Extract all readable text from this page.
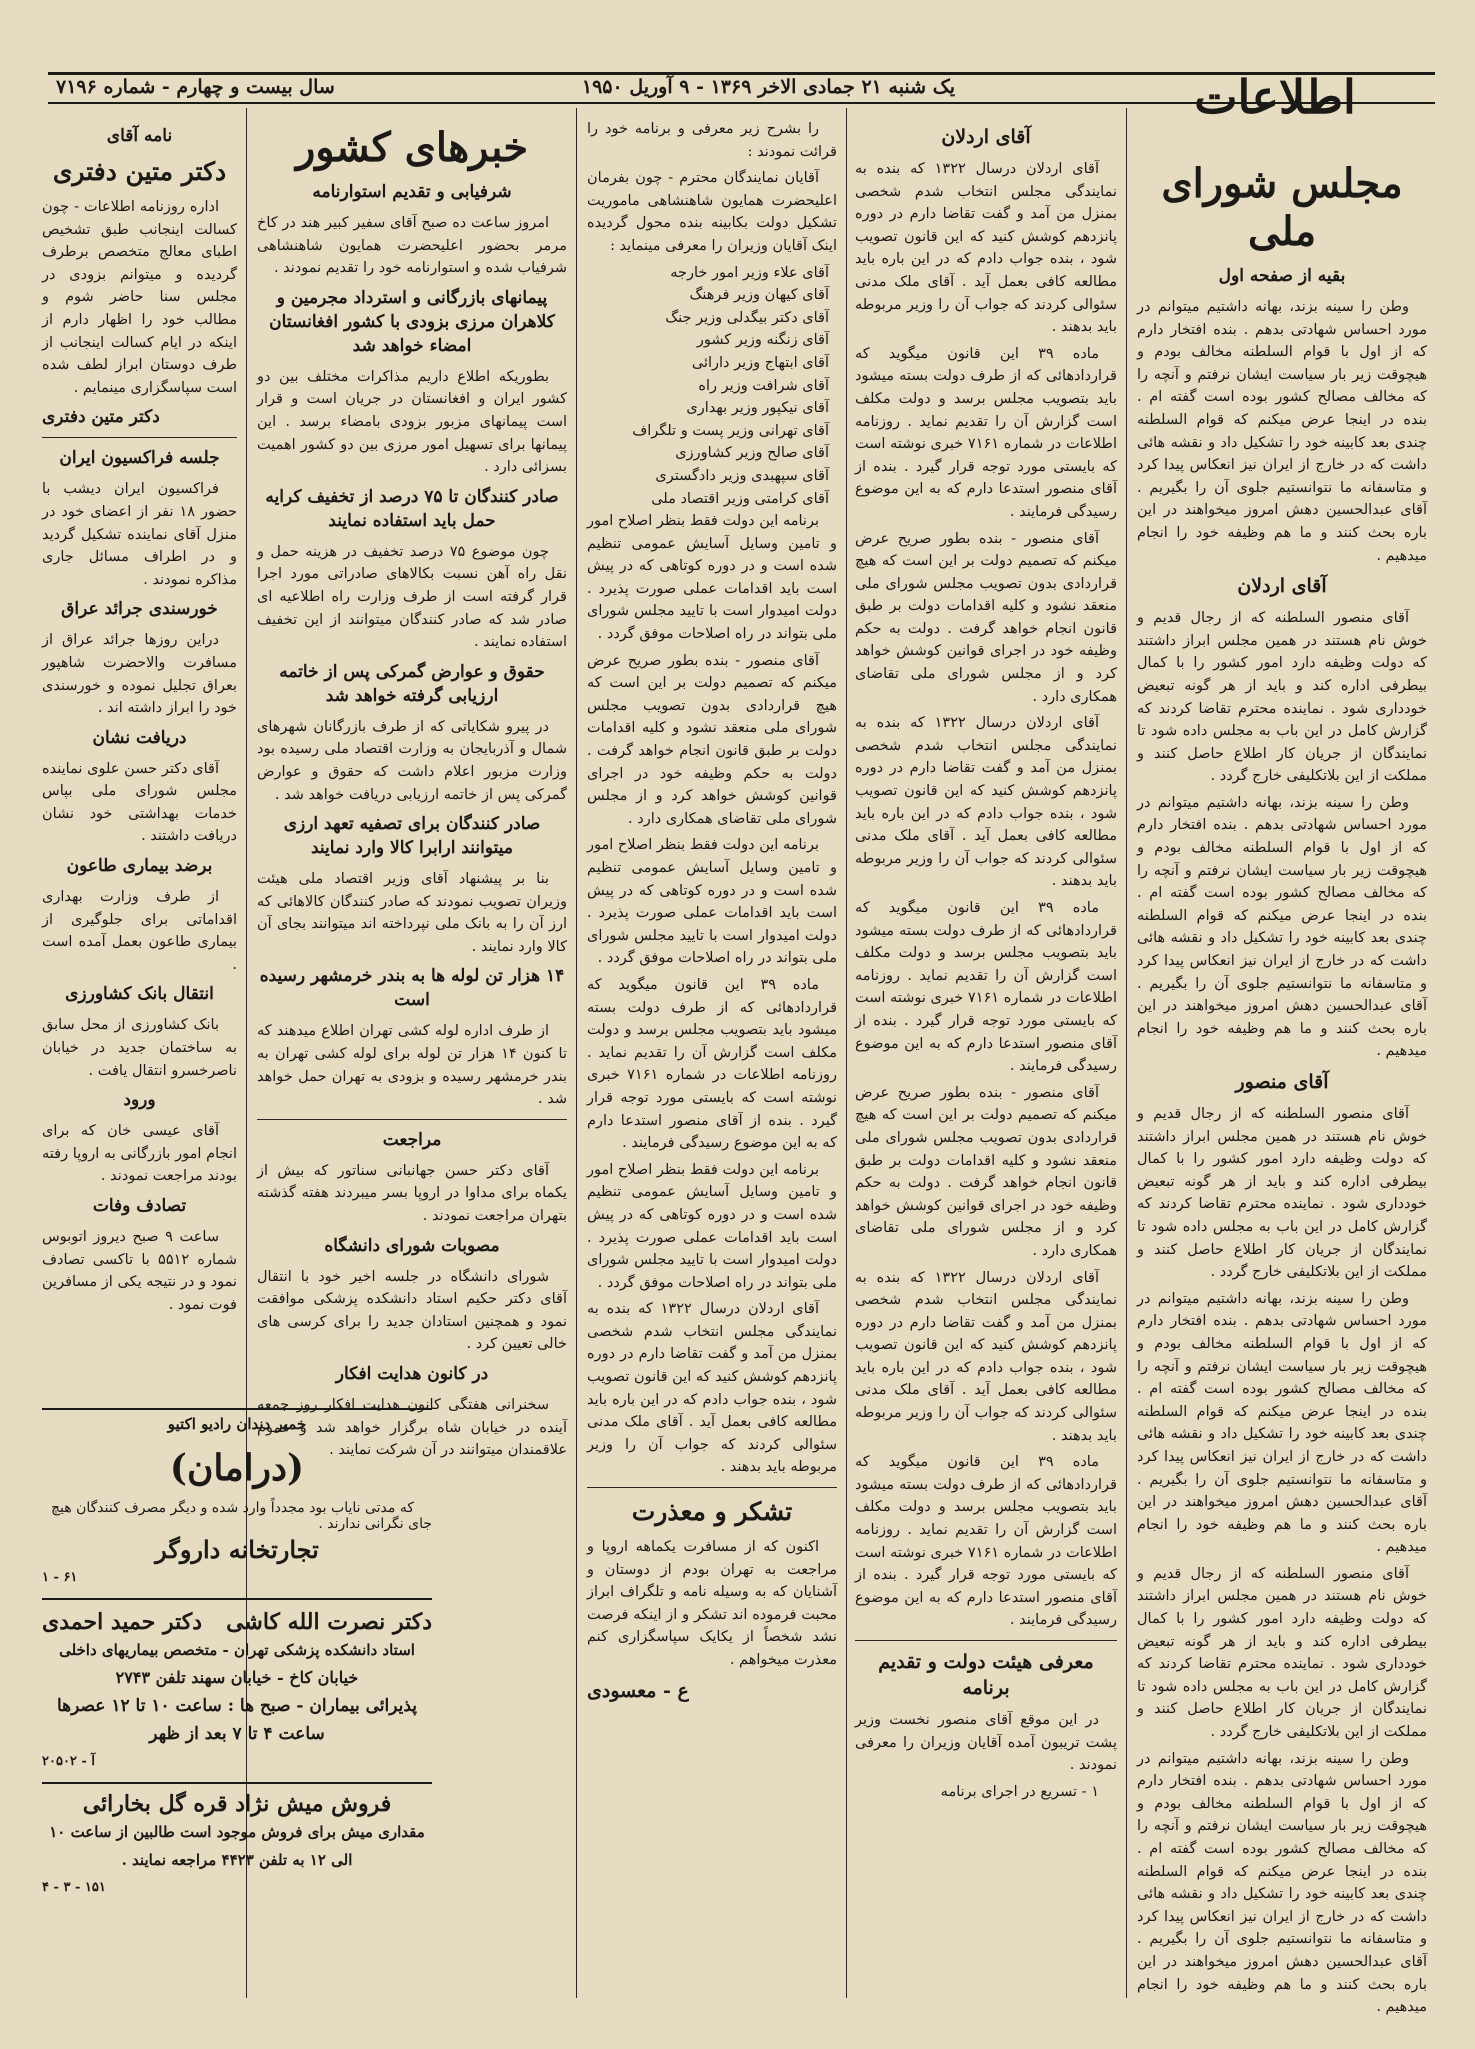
یک شنبه ۲۱ جمادی الاخر ۱۳۶۹ - ۹ آوریل ۱۹۵۰
سال بیست و چهارم - شماره ۷۱۹۶	اطلاعات
مجلس شورای ملی
بقیه از صفحه اول

وطن را سینه بزند، بهانه داشتیم میتوانم در مورد احساس شهادتی بدهم . بنده افتخار دارم که از اول با قوام السلطنه مخالف بودم و هیچوقت زیر بار سیاست ایشان نرفتم و آنچه را که مخالف مصالح کشور بوده است گفته ام . بنده در اینجا عرض میکنم که قوام السلطنه چندی بعد کابینه خود را تشکیل داد و نقشه هائی داشت که در خارج از ایران نیز انعکاس پیدا کرد و متاسفانه ما نتوانستیم جلوی آن را بگیریم . آقای عبدالحسین دهش امروز میخواهند در این باره بحث کنند و ما هم وظیفه خود را انجام میدهیم .

آقای اردلان

آقای منصور السلطنه که از رجال قدیم و خوش نام هستند در همین مجلس ابراز داشتند که دولت وظیفه دارد امور کشور را با کمال بیطرفی اداره کند و باید از هر گونه تبعیض خودداری شود . نماینده محترم تقاضا کردند که گزارش کامل در این باب به مجلس داده شود تا نمایندگان از جریان کار اطلاع حاصل کنند و مملکت از این بلاتکلیفی خارج گردد .

وطن را سینه بزند، بهانه داشتیم میتوانم در مورد احساس شهادتی بدهم . بنده افتخار دارم که از اول با قوام السلطنه مخالف بودم و هیچوقت زیر بار سیاست ایشان نرفتم و آنچه را که مخالف مصالح کشور بوده است گفته ام . بنده در اینجا عرض میکنم که قوام السلطنه چندی بعد کابینه خود را تشکیل داد و نقشه هائی داشت که در خارج از ایران نیز انعکاس پیدا کرد و متاسفانه ما نتوانستیم جلوی آن را بگیریم . آقای عبدالحسین دهش امروز میخواهند در این باره بحث کنند و ما هم وظیفه خود را انجام میدهیم .

آقای منصور

آقای منصور السلطنه که از رجال قدیم و خوش نام هستند در همین مجلس ابراز داشتند که دولت وظیفه دارد امور کشور را با کمال بیطرفی اداره کند و باید از هر گونه تبعیض خودداری شود . نماینده محترم تقاضا کردند که گزارش کامل در این باب به مجلس داده شود تا نمایندگان از جریان کار اطلاع حاصل کنند و مملکت از این بلاتکلیفی خارج گردد .

وطن را سینه بزند، بهانه داشتیم میتوانم در مورد احساس شهادتی بدهم . بنده افتخار دارم که از اول با قوام السلطنه مخالف بودم و هیچوقت زیر بار سیاست ایشان نرفتم و آنچه را که مخالف مصالح کشور بوده است گفته ام . بنده در اینجا عرض میکنم که قوام السلطنه چندی بعد کابینه خود را تشکیل داد و نقشه هائی داشت که در خارج از ایران نیز انعکاس پیدا کرد و متاسفانه ما نتوانستیم جلوی آن را بگیریم . آقای عبدالحسین دهش امروز میخواهند در این باره بحث کنند و ما هم وظیفه خود را انجام میدهیم .

آقای منصور السلطنه که از رجال قدیم و خوش نام هستند در همین مجلس ابراز داشتند که دولت وظیفه دارد امور کشور را با کمال بیطرفی اداره کند و باید از هر گونه تبعیض خودداری شود . نماینده محترم تقاضا کردند که گزارش کامل در این باب به مجلس داده شود تا نمایندگان از جریان کار اطلاع حاصل کنند و مملکت از این بلاتکلیفی خارج گردد .

وطن را سینه بزند، بهانه داشتیم میتوانم در مورد احساس شهادتی بدهم . بنده افتخار دارم که از اول با قوام السلطنه مخالف بودم و هیچوقت زیر بار سیاست ایشان نرفتم و آنچه را که مخالف مصالح کشور بوده است گفته ام . بنده در اینجا عرض میکنم که قوام السلطنه چندی بعد کابینه خود را تشکیل داد و نقشه هائی داشت که در خارج از ایران نیز انعکاس پیدا کرد و متاسفانه ما نتوانستیم جلوی آن را بگیریم . آقای عبدالحسین دهش امروز میخواهند در این باره بحث کنند و ما هم وظیفه خود را انجام میدهیم .

آقای اردلان

آقای اردلان درسال ۱۳۲۲ که بنده به نمایندگی مجلس انتخاب شدم شخصی بمنزل من آمد و گفت تقاضا دارم در دوره پانزدهم کوشش کنید که این قانون تصویب شود ، بنده جواب دادم که در این باره باید مطالعه کافی بعمل آید . آقای ملک مدنی سئوالی کردند که جواب آن را وزیر مربوطه باید بدهند .

ماده ۳۹ این قانون میگوید که قراردادهائی که از طرف دولت بسته میشود باید بتصویب مجلس برسد و دولت مکلف است گزارش آن را تقدیم نماید . روزنامه اطلاعات در شماره ۷۱۶۱ خبری نوشته است که بایستی مورد توجه قرار گیرد . بنده از آقای منصور استدعا دارم که به این موضوع رسیدگی فرمایند .

آقای منصور - بنده بطور صریح عرض میکنم که تصمیم دولت بر این است که هیچ قراردادی بدون تصویب مجلس شورای ملی منعقد نشود و کلیه اقدامات دولت بر طبق قانون انجام خواهد گرفت . دولت به حکم وظیفه خود در اجرای قوانین کوشش خواهد کرد و از مجلس شورای ملی تقاضای همکاری دارد .

آقای اردلان درسال ۱۳۲۲ که بنده به نمایندگی مجلس انتخاب شدم شخصی بمنزل من آمد و گفت تقاضا دارم در دوره پانزدهم کوشش کنید که این قانون تصویب شود ، بنده جواب دادم که در این باره باید مطالعه کافی بعمل آید . آقای ملک مدنی سئوالی کردند که جواب آن را وزیر مربوطه باید بدهند .

ماده ۳۹ این قانون میگوید که قراردادهائی که از طرف دولت بسته میشود باید بتصویب مجلس برسد و دولت مکلف است گزارش آن را تقدیم نماید . روزنامه اطلاعات در شماره ۷۱۶۱ خبری نوشته است که بایستی مورد توجه قرار گیرد . بنده از آقای منصور استدعا دارم که به این موضوع رسیدگی فرمایند .

آقای منصور - بنده بطور صریح عرض میکنم که تصمیم دولت بر این است که هیچ قراردادی بدون تصویب مجلس شورای ملی منعقد نشود و کلیه اقدامات دولت بر طبق قانون انجام خواهد گرفت . دولت به حکم وظیفه خود در اجرای قوانین کوشش خواهد کرد و از مجلس شورای ملی تقاضای همکاری دارد .

آقای اردلان درسال ۱۳۲۲ که بنده به نمایندگی مجلس انتخاب شدم شخصی بمنزل من آمد و گفت تقاضا دارم در دوره پانزدهم کوشش کنید که این قانون تصویب شود ، بنده جواب دادم که در این باره باید مطالعه کافی بعمل آید . آقای ملک مدنی سئوالی کردند که جواب آن را وزیر مربوطه باید بدهند .

ماده ۳۹ این قانون میگوید که قراردادهائی که از طرف دولت بسته میشود باید بتصویب مجلس برسد و دولت مکلف است گزارش آن را تقدیم نماید . روزنامه اطلاعات در شماره ۷۱۶۱ خبری نوشته است که بایستی مورد توجه قرار گیرد . بنده از آقای منصور استدعا دارم که به این موضوع رسیدگی فرمایند .

معرفی هیئت دولت و تقدیم برنامه

در این موقع آقای منصور نخست وزیر پشت تریبون آمده آقایان وزیران را معرفی نمودند .

۱ - تسریع در اجرای برنامه

را بشرح زیر معرفی و برنامه خود را قرائت نمودند :

آقایان نمایندگان محترم - چون بفرمان اعلیحضرت همایون شاهنشاهی ماموریت تشکیل دولت بکابینه بنده محول گردیده اینک آقایان وزیران را معرفی مینماید :

آقای علاء وزیر امور خارجه
آقای کیهان وزیر فرهنگ
آقای دکتر بیگدلی وزیر جنگ
آقای زنگنه وزیر کشور
آقای ابتهاج وزیر دارائی
آقای شرافت وزیر راه
آقای نیکپور وزیر بهداری
آقای تهرانی وزیر پست و تلگراف
آقای صالح وزیر کشاورزی
آقای سپهبدی وزیر دادگستری
آقای کرامتی وزیر اقتصاد ملی

برنامه این دولت فقط بنظر اصلاح امور و تامین وسایل آسایش عمومی تنظیم شده است و در دوره کوتاهی که در پیش است باید اقدامات عملی صورت پذیرد . دولت امیدوار است با تایید مجلس شورای ملی بتواند در راه اصلاحات موفق گردد .

آقای منصور - بنده بطور صریح عرض میکنم که تصمیم دولت بر این است که هیچ قراردادی بدون تصویب مجلس شورای ملی منعقد نشود و کلیه اقدامات دولت بر طبق قانون انجام خواهد گرفت . دولت به حکم وظیفه خود در اجرای قوانین کوشش خواهد کرد و از مجلس شورای ملی تقاضای همکاری دارد .

برنامه این دولت فقط بنظر اصلاح امور و تامین وسایل آسایش عمومی تنظیم شده است و در دوره کوتاهی که در پیش است باید اقدامات عملی صورت پذیرد . دولت امیدوار است با تایید مجلس شورای ملی بتواند در راه اصلاحات موفق گردد .

ماده ۳۹ این قانون میگوید که قراردادهائی که از طرف دولت بسته میشود باید بتصویب مجلس برسد و دولت مکلف است گزارش آن را تقدیم نماید . روزنامه اطلاعات در شماره ۷۱۶۱ خبری نوشته است که بایستی مورد توجه قرار گیرد . بنده از آقای منصور استدعا دارم که به این موضوع رسیدگی فرمایند .

برنامه این دولت فقط بنظر اصلاح امور و تامین وسایل آسایش عمومی تنظیم شده است و در دوره کوتاهی که در پیش است باید اقدامات عملی صورت پذیرد . دولت امیدوار است با تایید مجلس شورای ملی بتواند در راه اصلاحات موفق گردد .

آقای اردلان درسال ۱۳۲۲ که بنده به نمایندگی مجلس انتخاب شدم شخصی بمنزل من آمد و گفت تقاضا دارم در دوره پانزدهم کوشش کنید که این قانون تصویب شود ، بنده جواب دادم که در این باره باید مطالعه کافی بعمل آید . آقای ملک مدنی سئوالی کردند که جواب آن را وزیر مربوطه باید بدهند .

تشکر و معذرت

اکنون که از مسافرت یکماهه اروپا و مراجعت به تهران بودم از دوستان و آشنایان که به وسیله نامه و تلگراف ابراز محبت فرموده اند تشکر و از اینکه فرصت نشد شخصاً از یکایک سپاسگزاری کنم معذرت میخواهم .

ع - معسودی
خبرهای کشور
شرفیابی و تقدیم استوارنامه

امروز ساعت ده صبح آقای سفیر کبیر هند در کاخ مرمر بحضور اعلیحضرت همایون شاهنشاهی شرفیاب شده و استوارنامه خود را تقدیم نمودند .

پیمانهای بازرگانی و استرداد مجرمین و کلاهران مرزی بزودی با کشور افغانستان امضاء خواهد شد

بطوریکه اطلاع داریم مذاکرات مختلف بین دو کشور ایران و افغانستان در جریان است و قرار است پیمانهای مزبور بزودی بامضاء برسد . این پیمانها برای تسهیل امور مرزی بین دو کشور اهمیت بسزائی دارد .

صادر کنندگان تا ۷۵ درصد از تخفیف کرایه حمل باید استفاده نمایند

چون موضوع ۷۵ درصد تخفیف در هزینه حمل و نقل راه آهن نسبت بکالاهای صادراتی مورد اجرا قرار گرفته است از طرف وزارت راه اطلاعیه ای صادر شد که صادر کنندگان میتوانند از این تخفیف استفاده نمایند .

حقوق و عوارض گمرکی پس از خاتمه ارزیابی گرفته خواهد شد

در پیرو شکایاتی که از طرف بازرگانان شهرهای شمال و آذربایجان به وزارت اقتصاد ملی رسیده بود وزارت مزبور اعلام داشت که حقوق و عوارض گمرکی پس از خاتمه ارزیابی دریافت خواهد شد .

صادر کنندگان برای تصفیه تعهد ارزی میتوانند ارابرا کالا وارد نمایند

بنا بر پیشنهاد آقای وزیر اقتصاد ملی هیئت وزیران تصویب نمودند که صادر کنندگان کالاهائی که ارز آن را به بانک ملی نپرداخته اند میتوانند بجای آن کالا وارد نمایند .

۱۴ هزار تن لوله ها به بندر خرمشهر رسیده است

از طرف اداره لوله کشی تهران اطلاع میدهند که تا کنون ۱۴ هزار تن لوله برای لوله کشی تهران به بندر خرمشهر رسیده و بزودی به تهران حمل خواهد شد .

مراجعت

آقای دکتر حسن جهانبانی سناتور که بیش از یکماه برای مداوا در اروپا بسر میبردند هفته گذشته بتهران مراجعت نمودند .

مصوبات شورای دانشگاه

شورای دانشگاه در جلسه اخیر خود با انتقال آقای دکتر حکیم استاد دانشکده پزشکی موافقت نمود و همچنین استادان جدید را برای کرسی های خالی تعیین کرد .

در کانون هدایت افکار

سخنرانی هفتگی کانون هدایت افکار روز جمعه آینده در خیابان شاه برگزار خواهد شد و عموم علاقمندان میتوانند در آن شرکت نمایند .

نامه آقای
دکتر متین دفتری

اداره روزنامه اطلاعات - چون کسالت اینجانب طبق تشخیص اطبای معالج متخصص برطرف گردیده و میتوانم بزودی در مجلس سنا حاضر شوم و مطالب خود را اظهار دارم از اینکه در ایام کسالت اینجانب از طرف دوستان ابراز لطف شده است سپاسگزاری مینمایم .

دکتر متین دفتری
جلسه فراکسیون ایران

فراکسیون ایران دیشب با حضور ۱۸ نفر از اعضای خود در منزل آقای نماینده تشکیل گردید و در اطراف مسائل جاری مذاکره نمودند .

خورسندی جرائد عراق

دراین روزها جرائد عراق از مسافرت والاحضرت شاهپور بعراق تجلیل نموده و خورسندی خود را ابراز داشته اند .

دریافت نشان

آقای دکتر حسن علوی نماینده مجلس شورای ملی بپاس خدمات بهداشتی خود نشان دریافت داشتند .

برضد بیماری طاعون

از طرف وزارت بهداری اقداماتی برای جلوگیری از بیماری طاعون بعمل آمده است .

انتقال بانک کشاورزی

بانک کشاورزی از محل سابق به ساختمان جدید در خیابان ناصرخسرو انتقال یافت .

ورود

آقای عیسی خان که برای انجام امور بازرگانی به اروپا رفته بودند مراجعت نمودند .

تصادف وفات

ساعت ۹ صبح دیروز اتوبوس شماره ۵۵۱۲ با تاکسی تصادف نمود و در نتیجه یکی از مسافرین فوت نمود .

خمیر دندان رادیو اکتیو
(درامان)

که مدتی نایاب بود مجدداً وارد شده و دیگر مصرف کنندگان هیچ جای نگرانی ندارند .

تجارتخانه داروگر
۶۱ - ۱
دکتر نصرت الله کاشی
دکتر حمید احمدی
استاد دانشکده پزشکی تهران - متخصص بیماریهای داخلی
خیابان کاخ - خیابان سهند تلفن ۲۷۴۳
پذیرائی بیماران - صبح ها : ساعت ۱۰ تا ۱۲ عصرها ساعت ۴ تا ۷ بعد از ظهر
آ - ۲۰۵۰۲
فروش میش نژاد قره گل بخارائی
مقداری میش برای فروش موجود است طالبین از ساعت ۱۰ الی ۱۲ به تلفن ۴۴۲۳ مراجعه نمایند .
۱۵۱ - ۳ - ۴
